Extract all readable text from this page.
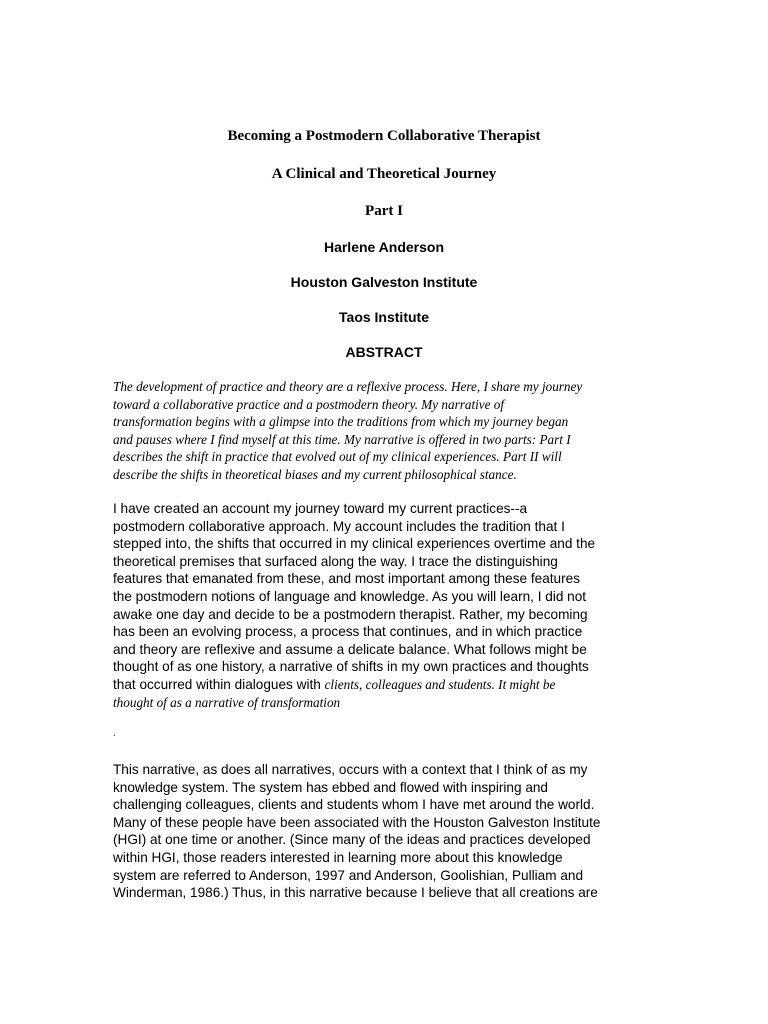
Becoming a Postmodern Collaborative Therapist
A Clinical and Theoretical Journey
Part I
Harlene Anderson
Houston Galveston Institute
Taos Institute
ABSTRACT
The development of practice and theory are a reflexive process. Here, I share my journey
toward a collaborative practice and a postmodern theory. My narrative of
transformation begins with a glimpse into the traditions from which my journey began
and pauses where I find myself at this time. My narrative is offered in two parts: Part I
describes the shift in practice that evolved out of my clinical experiences. Part II will
describe the shifts in theoretical biases and my current philosophical stance.
I have created an account my journey toward my current practices--a
postmodern collaborative approach. My account includes the tradition that I
stepped into, the shifts that occurred in my clinical experiences overtime and the
theoretical premises that surfaced along the way. I trace the distinguishing
features that emanated from these, and most important among these features
the postmodern notions of language and knowledge. As you will learn, I did not
awake one day and decide to be a postmodern therapist. Rather, my becoming
has been an evolving process, a process that continues, and in which practice
and theory are reflexive and assume a delicate balance. What follows might be
thought of as one history, a narrative of shifts in my own practices and thoughts
that occurred within dialogues with clients, colleagues and students. It might be
thought of as a narrative of transformation
.
This narrative, as does all narratives, occurs with a context that I think of as my
knowledge system. The system has ebbed and flowed with inspiring and
challenging colleagues, clients and students whom I have met around the world.
Many of these people have been associated with the Houston Galveston Institute
(HGI) at one time or another. (Since many of the ideas and practices developed
within HGI, those readers interested in learning more about this knowledge
system are referred to Anderson, 1997 and Anderson, Goolishian, Pulliam and
Winderman, 1986.) Thus, in this narrative because I believe that all creations are
